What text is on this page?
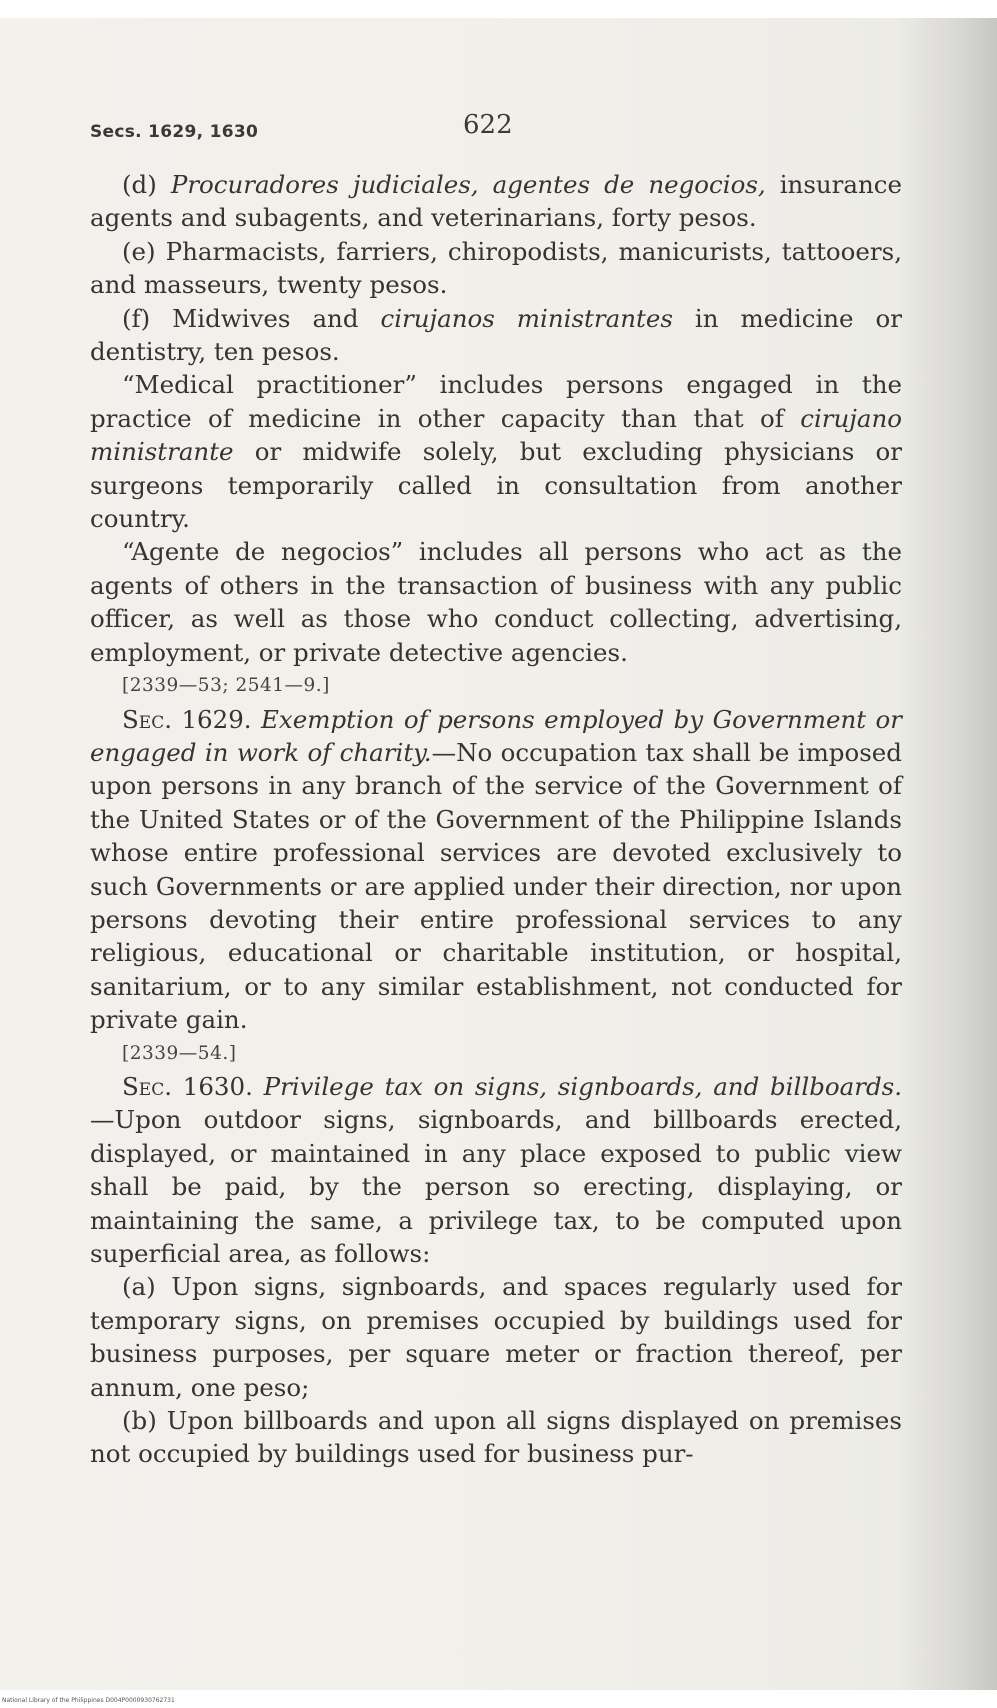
Secs. 1629, 1630	622

(d) Procuradores judiciales, agentes de negocios, insurance agents and subagents, and veterinarians, forty pesos.

(e) Pharmacists, farriers, chiropodists, manicurists, tattooers, and masseurs, twenty pesos.

(f) Midwives and cirujanos ministrantes in medicine or dentistry, ten pesos.

“Medical practitioner” includes persons engaged in the practice of medicine in other capacity than that of cirujano ministrante or midwife solely, but excluding physicians or surgeons temporarily called in consultation from another country.

“Agente de negocios” includes all persons who act as the agents of others in the transaction of business with any public officer, as well as those who conduct collecting, advertising, employment, or private detective agencies.

[2339—53; 2541—9.]

Sec. 1629. Exemption of persons employed by Government or engaged in work of charity.—No occupation tax shall be imposed upon persons in any branch of the service of the Government of the United States or of the Government of the Philippine Islands whose entire professional services are devoted exclusively to such Governments or are applied under their direction, nor upon persons devoting their entire professional services to any religious, educational or charitable institution, or hospital, sanitarium, or to any similar establishment, not conducted for private gain.

[2339—54.]

Sec. 1630. Privilege tax on signs, signboards, and billboards.—Upon outdoor signs, signboards, and billboards erected, displayed, or maintained in any place exposed to public view shall be paid, by the person so erecting, displaying, or maintaining the same, a privilege tax, to be computed upon superficial area, as follows:

(a) Upon signs, signboards, and spaces regularly used for temporary signs, on premises occupied by buildings used for business purposes, per square meter or fraction thereof, per annum, one peso;

(b) Upon billboards and upon all signs displayed on premises not occupied by buildings used for business pur-

National Library of the Philippines D004P0000930762731
